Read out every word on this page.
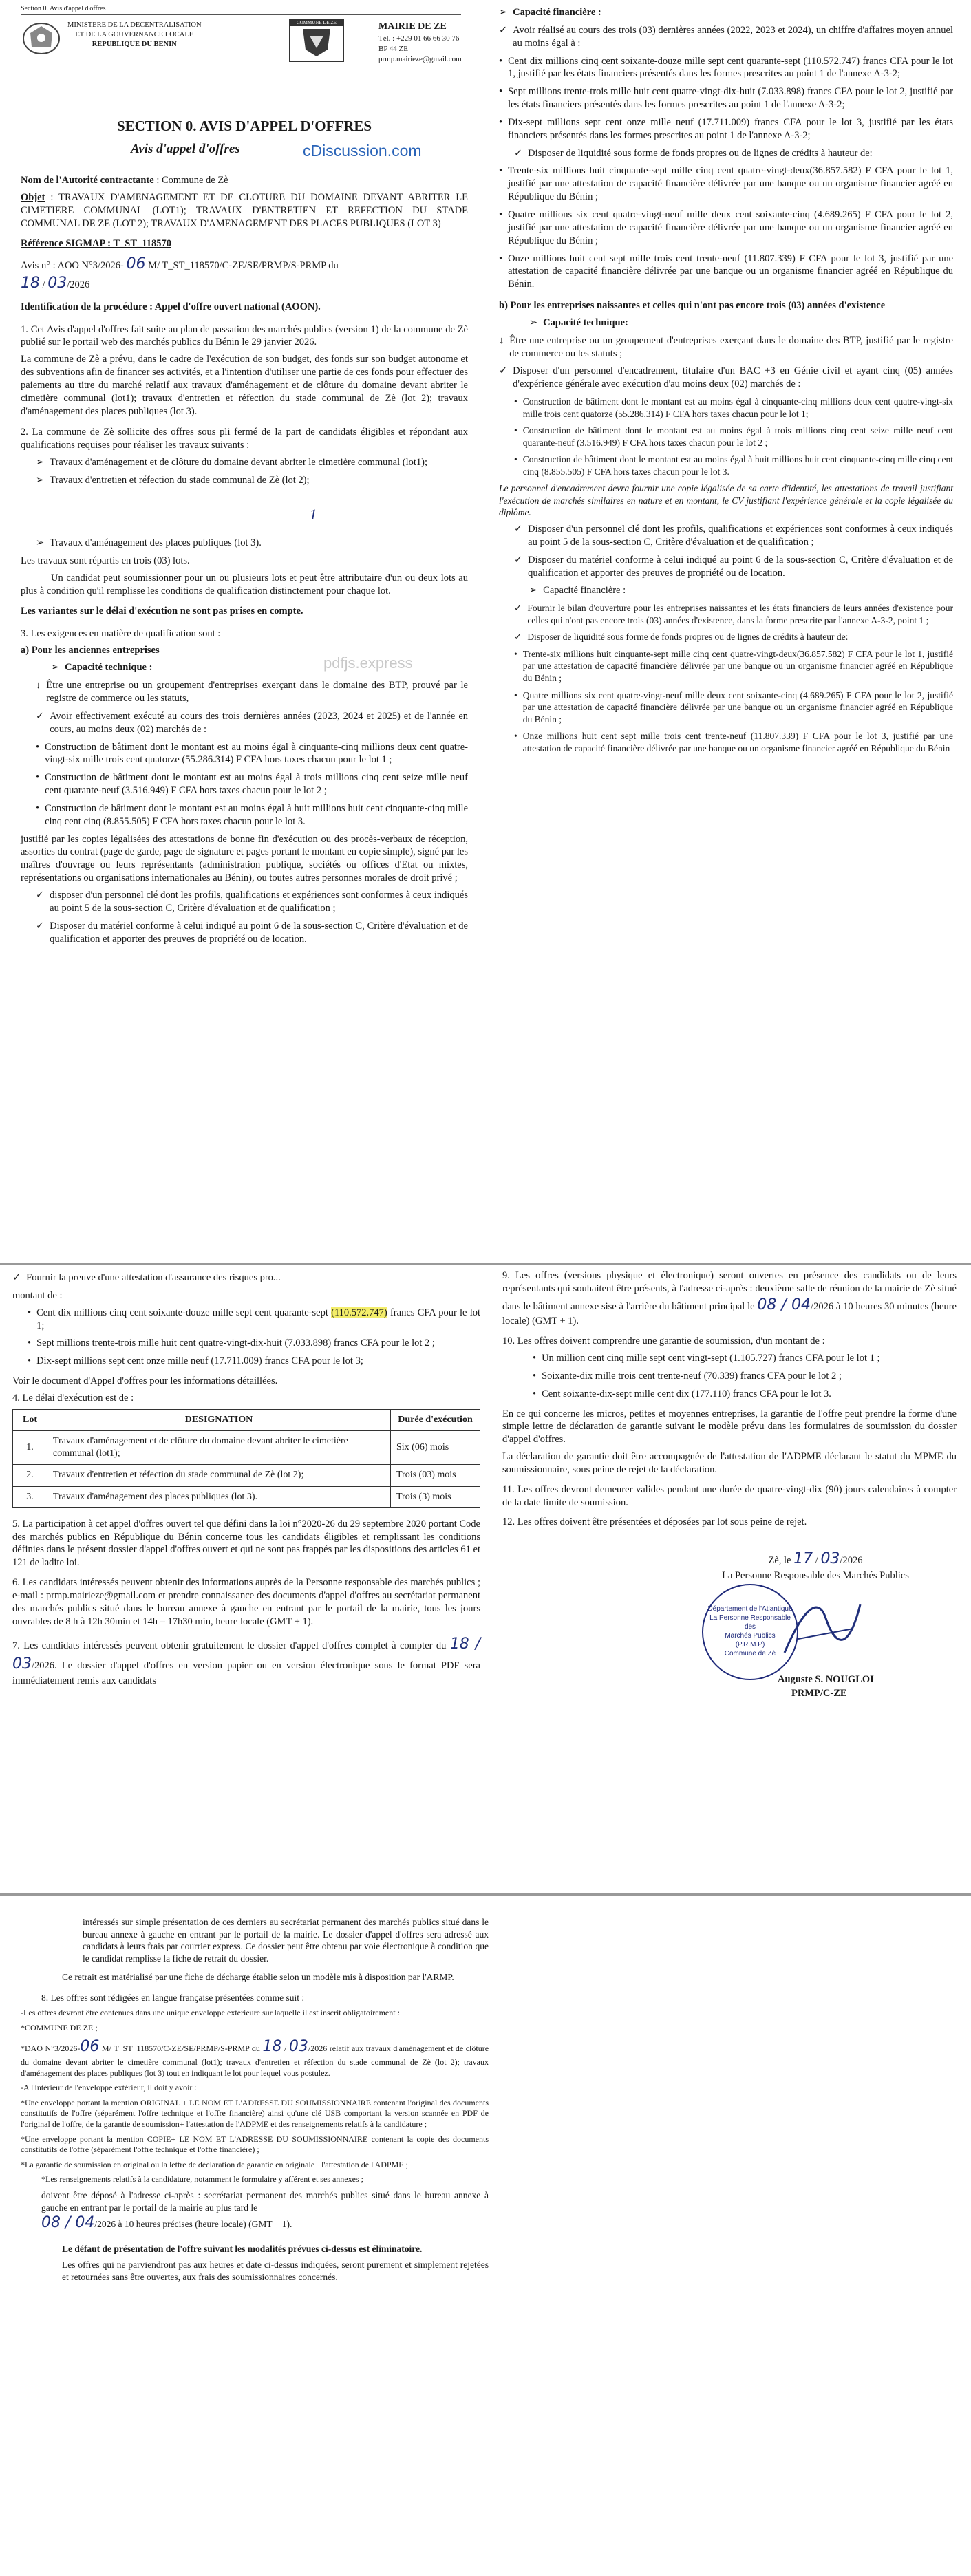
Section 0. Avis d'appel d'offres
MINISTERE DE LA DECENTRALISATION
ET DE LA GOUVERNANCE LOCALE
REPUBLIQUE DU BENIN
COMMUNE DE ZE	MAIRIE DE ZE
Tél. : +229 01 66 66 30 76
BP 44 ZE
prmp.mairieze@gmail.com
SECTION 0. AVIS D'APPEL D'OFFRES
Avis d'appel d'offres	cDiscussion.com

Nom de l'Autorité contractante : Commune de Zè

Objet : TRAVAUX D'AMENAGEMENT ET DE CLOTURE DU DOMAINE DEVANT ABRITER LE CIMETIERE COMMUNAL (LOT1); TRAVAUX D'ENTRETIEN ET REFECTION DU STADE COMMUNAL DE ZE (LOT 2); TRAVAUX D'AMENAGEMENT DES PLACES PUBLIQUES (LOT 3)

Référence SIGMAP : T_ST_118570

Avis n° : AOO N°3/2026- 06 M/ T_ST_118570/C-ZE/SE/PRMP/S-PRMP du
18 / 03/2026

Identification de la procédure : Appel d'offre ouvert national (AOON).

1. Cet Avis d'appel d'offres fait suite au plan de passation des marchés publics (version 1) de la commune de Zè publié sur le portail web des marchés publics du Bénin le 29 janvier 2026.

La commune de Zè a prévu, dans le cadre de l'exécution de son budget, des fonds sur son budget autonome et des subventions afin de financer ses activités, et a l'intention d'utiliser une partie de ces fonds pour effectuer des paiements au titre du marché relatif aux travaux d'aménagement et de clôture du domaine devant abriter le cimetière communal (lot1); travaux d'entretien et réfection du stade communal de Zè (lot 2); travaux d'aménagement des places publiques (lot 3).

2. La commune de Zè sollicite des offres sous pli fermé de la part de candidats éligibles et répondant aux qualifications requises pour réaliser les travaux suivants :

➢ Travaux d'aménagement et de clôture du domaine devant abriter le cimetière communal (lot1);
➢ Travaux d'entretien et réfection du stade communal de Zè (lot 2);
1
➢ Travaux d'aménagement des places publiques (lot 3).

Les travaux sont répartis en trois (03) lots.

Un candidat peut soumissionner pour un ou plusieurs lots et peut être attributaire d'un ou deux lots au plus à condition qu'il remplisse les conditions de qualification distinctement pour chaque lot.

Les variantes sur le délai d'exécution ne sont pas prises en compte.

3. Les exigences en matière de qualification sont :

a) Pour les anciennes entreprises

➢ Capacité technique :
↓ Être une entreprise ou un groupement d'entreprises exerçant dans le domaine des BTP, prouvé par le registre de commerce ou les statuts,
✓ Avoir effectivement exécuté au cours des trois dernières années (2023, 2024 et 2025) et de l'année en cours, au moins deux (02) marchés de :
• Construction de bâtiment dont le montant est au moins égal à cinquante-cinq millions deux cent quatre-vingt-six mille trois cent quatorze (55.286.314) F CFA hors taxes chacun pour le lot 1 ;
• Construction de bâtiment dont le montant est au moins égal à trois millions cinq cent seize mille neuf cent quarante-neuf (3.516.949) F CFA hors taxes chacun pour le lot 2 ;
• Construction de bâtiment dont le montant est au moins égal à huit millions huit cent cinquante-cinq mille cinq cent cinq (8.855.505) F CFA hors taxes chacun pour le lot 3.

justifié par les copies légalisées des attestations de bonne fin d'exécution ou des procès-verbaux de réception, assorties du contrat (page de garde, page de signature et pages portant le montant en copie simple), signé par les maîtres d'ouvrage ou leurs représentants (administration publique, sociétés ou offices d'Etat ou mixtes, représentations ou organisations internationales au Bénin), ou toutes autres personnes morales de droit privé ;

✓ disposer d'un personnel clé dont les profils, qualifications et expériences sont conformes à ceux indiqués au point 5 de la sous-section C, Critère d'évaluation et de qualification ;
✓ Disposer du matériel conforme à celui indiqué au point 6 de la sous-section C, Critère d'évaluation et de qualification et apporter des preuves de propriété ou de location.
➢ Capacité financière :
✓ Avoir réalisé au cours des trois (03) dernières années (2022, 2023 et 2024), un chiffre d'affaires moyen annuel au moins égal à :
• Cent dix millions cinq cent soixante-douze mille sept cent quarante-sept (110.572.747) francs CFA pour le lot 1, justifié par les états financiers présentés dans les formes prescrites au point 1 de l'annexe A-3-2;
• Sept millions trente-trois mille huit cent quatre-vingt-dix-huit (7.033.898) francs CFA pour le lot 2, justifié par les états financiers présentés dans les formes prescrites au point 1 de l'annexe A-3-2;
• Dix-sept millions sept cent onze mille neuf (17.711.009) francs CFA pour le lot 3, justifié par les états financiers présentés dans les formes prescrites au point 1 de l'annexe A-3-2;
✓ Disposer de liquidité sous forme de fonds propres ou de lignes de crédits à hauteur de:
• Trente-six millions huit cinquante-sept mille cinq cent quatre-vingt-deux(36.857.582) F CFA pour le lot 1, justifié par une attestation de capacité financière délivrée par une banque ou un organisme financier agréé en République du Bénin ;
• Quatre millions six cent quatre-vingt-neuf mille deux cent soixante-cinq (4.689.265) F CFA pour le lot 2, justifié par une attestation de capacité financière délivrée par une banque ou un organisme financier agréé en République du Bénin ;
• Onze millions huit cent sept mille trois cent trente-neuf (11.807.339) F CFA pour le lot 3, justifié par une attestation de capacité financière délivrée par une banque ou un organisme financier agréé en République du Bénin.

b) Pour les entreprises naissantes et celles qui n'ont pas encore trois (03) années d'existence

➢ Capacité technique:
↓ Être une entreprise ou un groupement d'entreprises exerçant dans le domaine des BTP, justifié par le registre de commerce ou les statuts ;
✓ Disposer d'un personnel d'encadrement, titulaire d'un BAC +3 en Génie civil et ayant cinq (05) années d'expérience générale avec exécution d'au moins deux (02) marchés de :
• Construction de bâtiment dont le montant est au moins égal à cinquante-cinq millions deux cent quatre-vingt-six mille trois cent quatorze (55.286.314) F CFA hors taxes chacun pour le lot 1;
• Construction de bâtiment dont le montant est au moins égal à trois millions cinq cent seize mille neuf cent quarante-neuf (3.516.949) F CFA hors taxes chacun pour le lot 2 ;
• Construction de bâtiment dont le montant est au moins égal à huit millions huit cent cinquante-cinq mille cinq cent cinq (8.855.505) F CFA hors taxes chacun pour le lot 3.

Le personnel d'encadrement devra fournir une copie légalisée de sa carte d'identité, les attestations de travail justifiant l'exécution de marchés similaires en nature et en montant, le CV justifiant l'expérience générale et la copie légalisée du diplôme.

✓ Disposer d'un personnel clé dont les profils, qualifications et expériences sont conformes à ceux indiqués au point 5 de la sous-section C, Critère d'évaluation et de qualification ;
✓ Disposer du matériel conforme à celui indiqué au point 6 de la sous-section C, Critère d'évaluation et de qualification et apporter des preuves de propriété ou de location.
➢ Capacité financière :
✓ Fournir le bilan d'ouverture pour les entreprises naissantes et les états financiers de leurs années d'existence pour celles qui n'ont pas encore trois (03) années d'existence, dans la forme prescrite par l'annexe A-3-2, point 1 ;
✓ Disposer de liquidité sous forme de fonds propres ou de lignes de crédits à hauteur de:
• Trente-six millions huit cinquante-sept mille cinq cent quatre-vingt-deux(36.857.582) F CFA pour le lot 1, justifié par une attestation de capacité financière délivrée par une banque ou un organisme financier agréé en République du Bénin ;
• Quatre millions six cent quatre-vingt-neuf mille deux cent soixante-cinq (4.689.265) F CFA pour le lot 2, justifié par une attestation de capacité financière délivrée par une banque ou un organisme financier agréé en République du Bénin ;
• Onze millions huit cent sept mille trois cent trente-neuf (11.807.339) F CFA pour le lot 3, justifié par une attestation de capacité financière délivrée par une banque ou un organisme financier agréé en République du Bénin
pdfjs.express
✓ Fournir la preuve d'une attestation d'assurance des risques pro...

montant de :

• Cent dix millions cinq cent soixante-douze mille sept cent quarante-sept (110.572.747) francs CFA pour le lot 1;
• Sept millions trente-trois mille huit cent quatre-vingt-dix-huit (7.033.898) francs CFA pour le lot 2 ;
• Dix-sept millions sept cent onze mille neuf (17.711.009) francs CFA pour le lot 3;

Voir le document d'Appel d'offres pour les informations détaillées.

4. Le délai d'exécution est de :

Lot	DESIGNATION	Durée d'exécution
1.	Travaux d'aménagement et de clôture du domaine devant abriter le cimetière communal (lot1);	Six (06) mois
2.	Travaux d'entretien et réfection du stade communal de Zè (lot 2);	Trois (03) mois
3.	Travaux d'aménagement des places publiques (lot 3).	Trois (3) mois

5. La participation à cet appel d'offres ouvert tel que défini dans la loi n°2020-26 du 29 septembre 2020 portant Code des marchés publics en République du Bénin concerne tous les candidats éligibles et remplissant les conditions définies dans le présent dossier d'appel d'offres ouvert et qui ne sont pas frappés par les dispositions des articles 61 et 121 de ladite loi.

6. Les candidats intéressés peuvent obtenir des informations auprès de la Personne responsable des marchés publics ; e-mail : prmp.mairieze@gmail.com et prendre connaissance des documents d'appel d'offres au secrétariat permanent des marchés publics situé dans le bureau annexe à gauche en entrant par le portail de la mairie, tous les jours ouvrables de 8 h à 12h 30min et 14h – 17h30 min, heure locale (GMT + 1).

7. Les candidats intéressés peuvent obtenir gratuitement le dossier d'appel d'offres complet à compter du 18 / 03/2026. Le dossier d'appel d'offres en version papier ou en version électronique sous le format PDF sera immédiatement remis aux candidats

9. Les offres (versions physique et électronique) seront ouvertes en présence des candidats ou de leurs représentants qui souhaitent être présents, à l'adresse ci-après : deuxième salle de réunion de la mairie de Zè situé dans le bâtiment annexe sise à l'arrière du bâtiment principal le 08 / 04/2026 à 10 heures 30 minutes (heure locale) (GMT + 1).

10. Les offres doivent comprendre une garantie de soumission, d'un montant de :

• Un million cent cinq mille sept cent vingt-sept (1.105.727) francs CFA pour le lot 1 ;
• Soixante-dix mille trois cent trente-neuf (70.339) francs CFA pour le lot 2 ;
• Cent soixante-dix-sept mille cent dix (177.110) francs CFA pour le lot 3.

En ce qui concerne les micros, petites et moyennes entreprises, la garantie de l'offre peut prendre la forme d'une simple lettre de déclaration de garantie suivant le modèle prévu dans les formulaires de soumission du dossier d'appel d'offres.

La déclaration de garantie doit être accompagnée de l'attestation de l'ADPME déclarant le statut du MPME du soumissionnaire, sous peine de rejet de la déclaration.

11. Les offres devront demeurer valides pendant une durée de quatre-vingt-dix (90) jours calendaires à compter de la date limite de soumission.

12. Les offres doivent être présentées et déposées par lot sous peine de rejet.

Zè, le 17 / 03/2026
La Personne Responsable des Marchés Publics
Département de l'Atlantique
La Personne Responsable des
Marchés Publics
(P.R.M.P)
Commune de Zè
Auguste S. NOUGLOI
PRMP/C-ZE

intéressés sur simple présentation de ces derniers au secrétariat permanent des marchés publics situé dans le bureau annexe à gauche en entrant par le portail de la mairie. Le dossier d'appel d'offres sera adressé aux candidats à leurs frais par courrier express. Ce dossier peut être obtenu par voie électronique à condition que le candidat remplisse la fiche de retrait du dossier.

Ce retrait est matérialisé par une fiche de décharge établie selon un modèle mis à disposition par l'ARMP.

8. Les offres sont rédigées en langue française présentées comme suit :

-Les offres devront être contenues dans une unique enveloppe extérieure sur laquelle il est inscrit obligatoirement :

*COMMUNE DE ZE ;

*DAO N°3/2026-06 M/ T_ST_118570/C-ZE/SE/PRMP/S-PRMP du 18 / 03/2026 relatif aux travaux d'aménagement et de clôture du domaine devant abriter le cimetière communal (lot1); travaux d'entretien et réfection du stade communal de Zè (lot 2); travaux d'aménagement des places publiques (lot 3) tout en indiquant le lot pour lequel vous postulez.

-A l'intérieur de l'enveloppe extérieur, il doit y avoir :

*Une enveloppe portant la mention ORIGINAL + LE NOM ET L'ADRESSE DU SOUMISSIONNAIRE contenant l'original des documents constitutifs de l'offre (séparément l'offre technique et l'offre financière) ainsi qu'une clé USB comportant la version scannée en PDF de l'original de l'offre, de la garantie de soumission+ l'attestation de l'ADPME et des renseignements relatifs à la candidature ;

*Une enveloppe portant la mention COPIE+ LE NOM ET L'ADRESSE DU SOUMISSIONNAIRE contenant la copie des documents constitutifs de l'offre (séparément l'offre technique et l'offre financière) ;

*La garantie de soumission en original ou la lettre de déclaration de garantie en originale+ l'attestation de l'ADPME ;

*Les renseignements relatifs à la candidature, notamment le formulaire y afférent et ses annexes ;

doivent être déposé à l'adresse ci-après : secrétariat permanent des marchés publics situé dans le bureau annexe à gauche en entrant par le portail de la mairie au plus tard le
08 / 04/2026 à 10 heures précises (heure locale) (GMT + 1).

Le défaut de présentation de l'offre suivant les modalités prévues ci-dessus est éliminatoire.

Les offres qui ne parviendront pas aux heures et date ci-dessus indiquées, seront purement et simplement rejetées et retournées sans être ouvertes, aux frais des soumissionnaires concernés.
